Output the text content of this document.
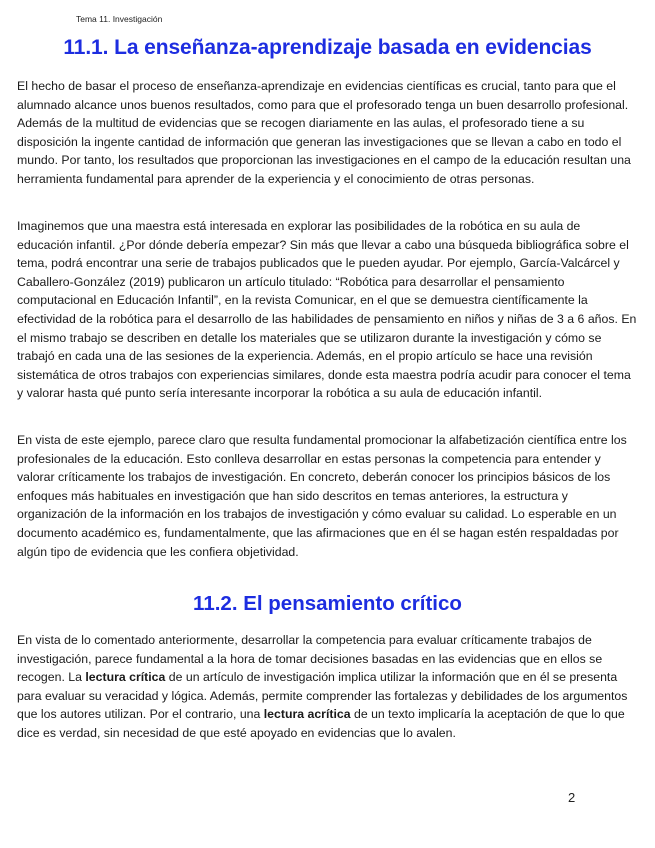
Tema 11. Investigación
11.1. La enseñanza-aprendizaje basada en evidencias

El hecho de basar el proceso de enseñanza-aprendizaje en evidencias científicas es crucial, tanto para que el alumnado alcance unos buenos resultados, como para que el profesorado tenga un buen desarrollo profesional. Además de la multitud de evidencias que se recogen diariamente en las aulas, el profesorado tiene a su disposición la ingente cantidad de información que generan las investigaciones que se llevan a cabo en todo el mundo. Por tanto, los resultados que proporcionan las investigaciones en el campo de la educación resultan una herramienta fundamental para aprender de la experiencia y el conocimiento de otras personas.

Imaginemos que una maestra está interesada en explorar las posibilidades de la robótica en su aula de educación infantil. ¿Por dónde debería empezar? Sin más que llevar a cabo una búsqueda bibliográfica sobre el tema, podrá encontrar una serie de trabajos publicados que le pueden ayudar. Por ejemplo, García-Valcárcel y Caballero-González (2019) publicaron un artículo titulado: “Robótica para desarrollar el pensamiento computacional en Educación Infantil”, en la revista Comunicar, en el que se demuestra científicamente la efectividad de la robótica para el desarrollo de las habilidades de pensamiento en niños y niñas de 3 a 6 años. En el mismo trabajo se describen en detalle los materiales que se utilizaron durante la investigación y cómo se trabajó en cada una de las sesiones de la experiencia. Además, en el propio artículo se hace una revisión sistemática de otros trabajos con experiencias similares, donde esta maestra podría acudir para conocer el tema y valorar hasta qué punto sería interesante incorporar la robótica a su aula de educación infantil.

En vista de este ejemplo, parece claro que resulta fundamental promocionar la alfabetización científica entre los profesionales de la educación. Esto conlleva desarrollar en estas personas la competencia para entender y valorar críticamente los trabajos de investigación. En concreto, deberán conocer los principios básicos de los enfoques más habituales en investigación que han sido descritos en temas anteriores, la estructura y organización de la información en los trabajos de investigación y cómo evaluar su calidad. Lo esperable en un documento académico es, fundamentalmente, que las afirmaciones que en él se hagan estén respaldadas por algún tipo de evidencia que les confiera objetividad.

11.2. El pensamiento crítico

En vista de lo comentado anteriormente, desarrollar la competencia para evaluar críticamente trabajos de investigación, parece fundamental a la hora de tomar decisiones basadas en las evidencias que en ellos se recogen. La lectura crítica de un artículo de investigación implica utilizar la información que en él se presenta para evaluar su veracidad y lógica. Además, permite comprender las fortalezas y debilidades de los argumentos que los autores utilizan. Por el contrario, una lectura acrítica de un texto implicaría la aceptación de que lo que dice es verdad, sin necesidad de que esté apoyado en evidencias que lo avalen.

2
